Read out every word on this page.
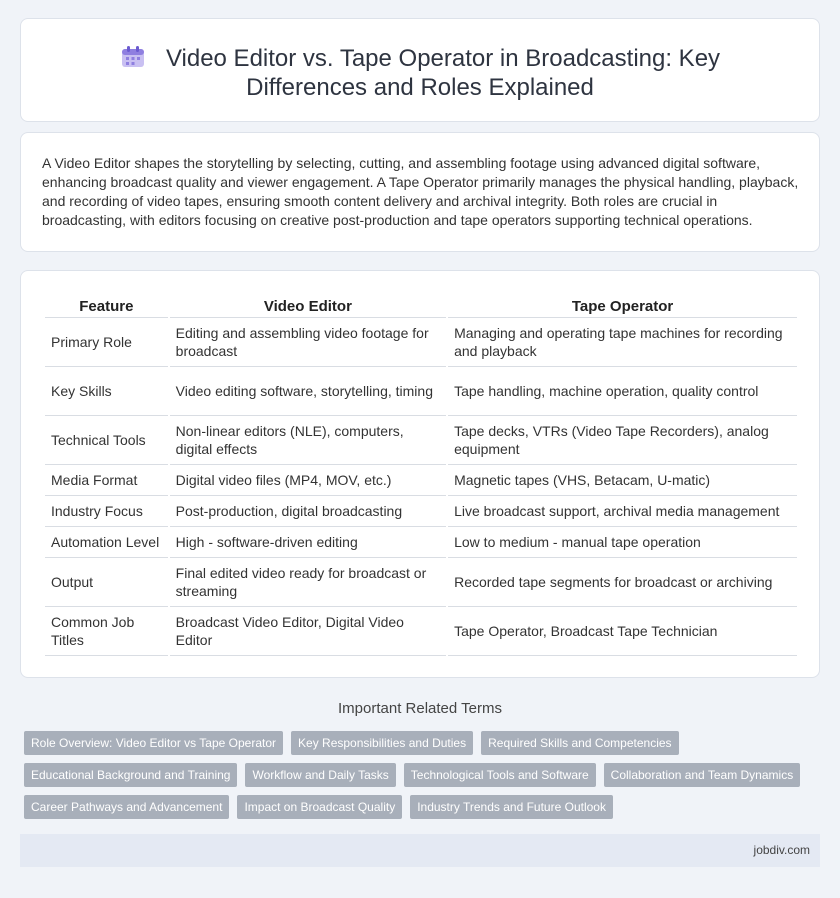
Video Editor vs. Tape Operator in Broadcasting: Key Differences and Roles Explained

A Video Editor shapes the storytelling by selecting, cutting, and assembling footage using advanced digital software, enhancing broadcast quality and viewer engagement. A Tape Operator primarily manages the physical handling, playback, and recording of video tapes, ensuring smooth content delivery and archival integrity. Both roles are crucial in broadcasting, with editors focusing on creative post-production and tape operators supporting technical operations.

Feature	Video Editor	Tape Operator
Primary Role	Editing and assembling video footage for broadcast	Managing and operating tape machines for recording and playback
Key Skills	Video editing software, storytelling, timing	Tape handling, machine operation, quality control
Technical Tools	Non-linear editors (NLE), computers, digital effects	Tape decks, VTRs (Video Tape Recorders), analog equipment
Media Format	Digital video files (MP4, MOV, etc.)	Magnetic tapes (VHS, Betacam, U-matic)
Industry Focus	Post-production, digital broadcasting	Live broadcast support, archival media management
Automation Level	High - software-driven editing	Low to medium - manual tape operation
Output	Final edited video ready for broadcast or streaming	Recorded tape segments for broadcast or archiving
Common Job Titles	Broadcast Video Editor, Digital Video Editor	Tape Operator, Broadcast Tape Technician
Important Related Terms
Role Overview: Video Editor vs Tape Operator	Key Responsibilities and Duties	Required Skills and Competencies
Educational Background and Training	Workflow and Daily Tasks	Technological Tools and Software	Collaboration and Team Dynamics
Career Pathways and Advancement	Impact on Broadcast Quality	Industry Trends and Future Outlook
jobdiv.com
